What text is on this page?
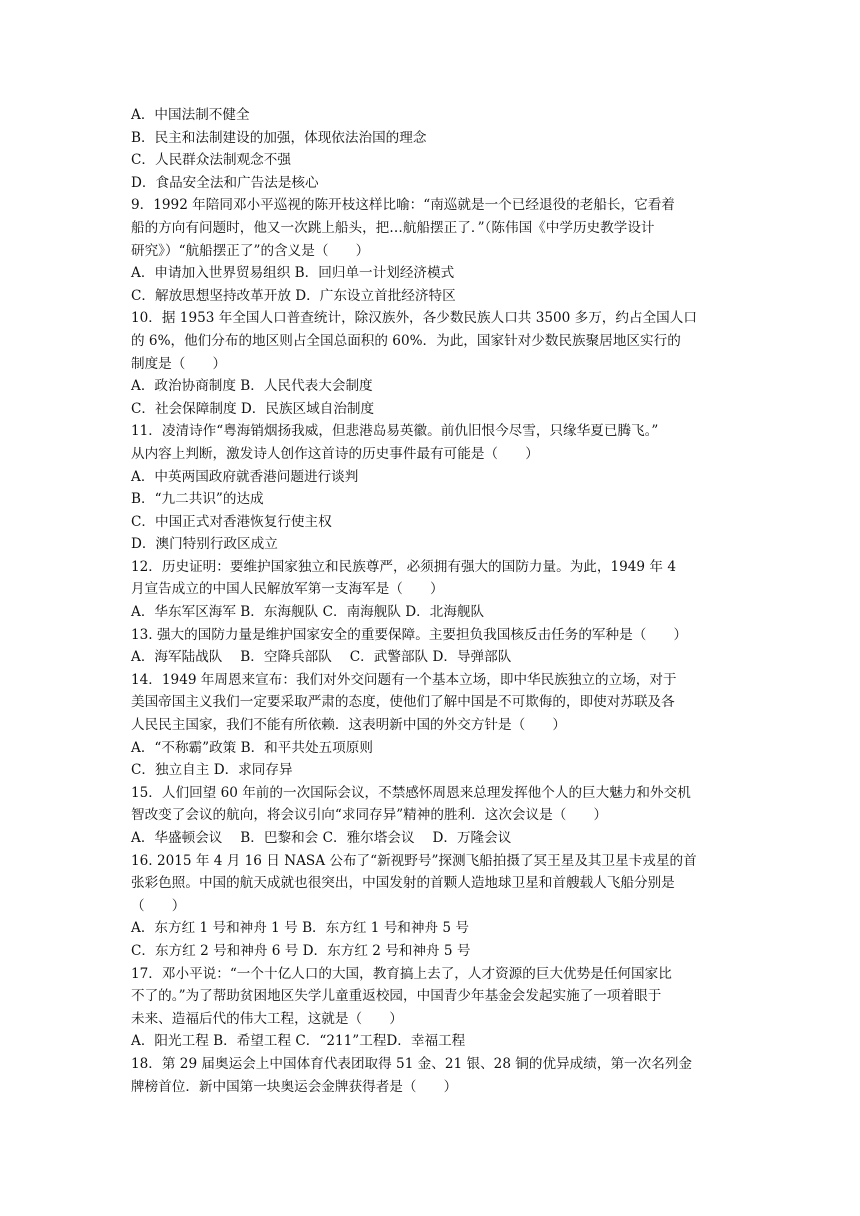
A．中国法制不健全
B．民主和法制建设的加强，体现依法治国的理念
C．人民群众法制观念不强
D．食品安全法和广告法是核心
9．1992 年陪同邓小平巡视的陈开枝这样比喻：“南巡就是一个已经退役的老船长，它看着
船的方向有问题时，他又一次跳上船头，把…航船摆正了．”（陈伟国《中学历史教学设计
研究》）“航船摆正了”的含义是（　　）
A．申请加入世界贸易组织 B．回归单一计划经济模式
C．解放思想坚持改革开放 D．广东设立首批经济特区
10．据 1953 年全国人口普查统计，除汉族外，各少数民族人口共 3500 多万，约占全国人口
的 6%，他们分布的地区则占全国总面积的 60%．为此，国家针对少数民族聚居地区实行的
制度是（　　）
A．政治协商制度 B．人民代表大会制度
C．社会保障制度 D．民族区域自治制度
11．凌清诗作“粤海销烟扬我威，但悲港岛易英徽。前仇旧恨今尽雪，只缘华夏已腾飞。”
从内容上判断，激发诗人创作这首诗的历史事件最有可能是（　　）
A．中英两国政府就香港问题进行谈判
B．“九二共识”的达成
C．中国正式对香港恢复行使主权
D．澳门特别行政区成立
12．历史证明：要维护国家独立和民族尊严，必须拥有强大的国防力量。为此，1949 年 4
月宣告成立的中国人民解放军第一支海军是（　　）
A．华东军区海军 B．东海舰队 C．南海舰队 D．北海舰队
13. 强大的国防力量是维护国家安全的重要保障。主要担负我国核反击任务的军种是（　　）
A．海军陆战队　 B．空降兵部队　 C．武警部队 D．导弹部队
14．1949 年周恩来宣布：我们对外交问题有一个基本立场，即中华民族独立的立场，对于
美国帝国主义我们一定要采取严肃的态度，使他们了解中国是不可欺侮的，即使对苏联及各
人民民主国家，我们不能有所依赖．这表明新中国的外交方针是（　　）
A．“不称霸”政策 B．和平共处五项原则
C．独立自主 D．求同存异
15．人们回望 60 年前的一次国际会议，不禁感怀周恩来总理发挥他个人的巨大魅力和外交机
智改变了会议的航向，将会议引向“求同存异”精神的胜利．这次会议是（　　）
A．华盛顿会议　 B．巴黎和会 C．雅尔塔会议　 D．万隆会议
16. 2015 年 4 月 16 日 NASA 公布了“新视野号”探测飞船拍摄了冥王星及其卫星卡戎星的首
张彩色照。中国的航天成就也很突出，中国发射的首颗人造地球卫星和首艘载人飞船分别是
（　　）
A．东方红 1 号和神舟 1 号 B．东方红 1 号和神舟 5 号
C．东方红 2 号和神舟 6 号 D．东方红 2 号和神舟 5 号
17．邓小平说：“一个十亿人口的大国，教育搞上去了，人才资源的巨大优势是任何国家比
不了的。”为了帮助贫困地区失学儿童重返校园，中国青少年基金会发起实施了一项着眼于
未来、造福后代的伟大工程，这就是（　　）
A．阳光工程 B．希望工程 C．“211”工程D．幸福工程
18．第 29 届奥运会上中国体育代表团取得 51 金、21 银、28 铜的优异成绩，第一次名列金
牌榜首位．新中国第一块奥运会金牌获得者是（　　）
